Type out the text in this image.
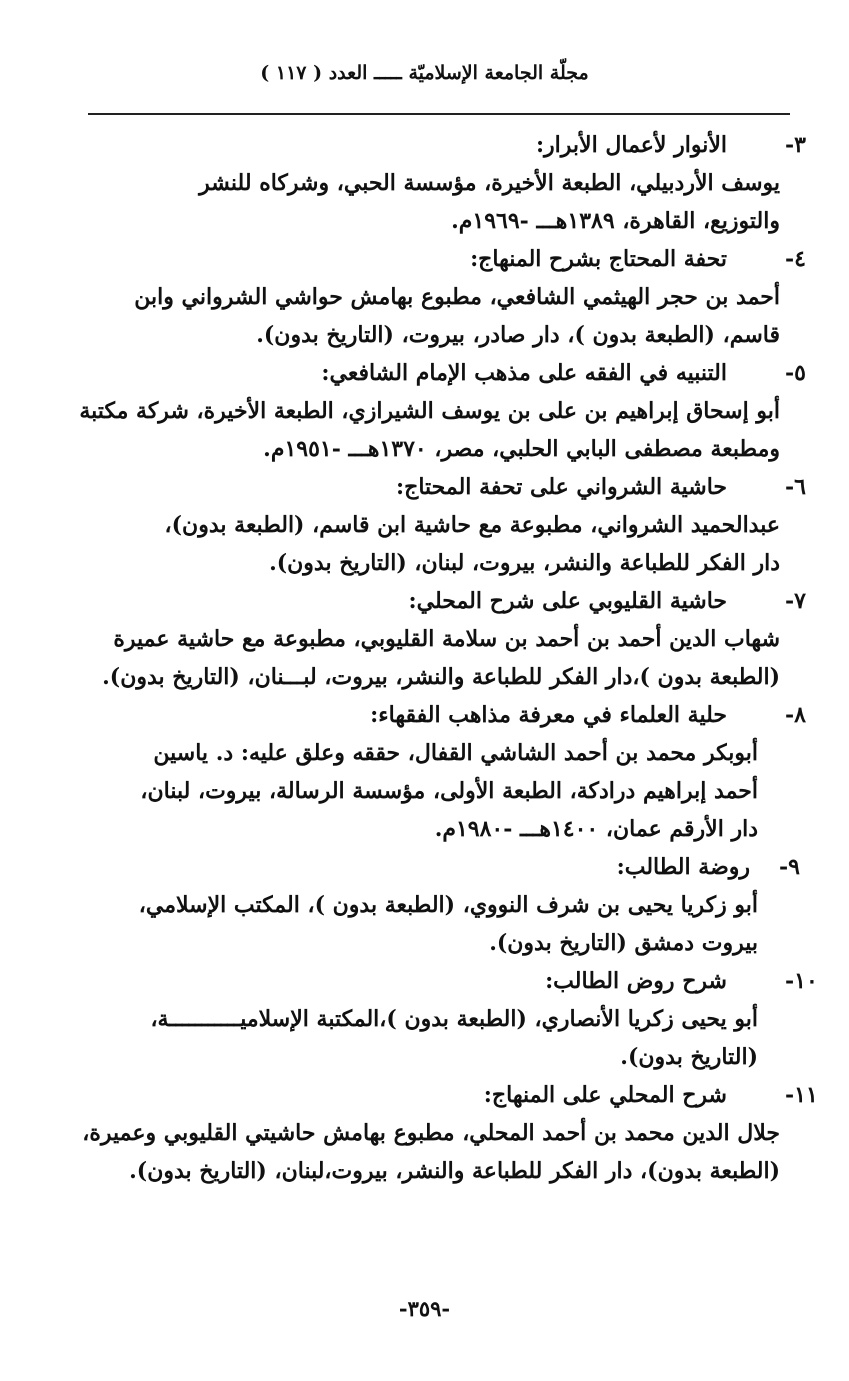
مجلّة الجامعة الإسلاميّة ـــــ العدد ( ١١٧ )
٣-
الأنوار لأعمال الأبرار:

يوسف الأردبيلي، الطبعة الأخيرة، مؤسسة الحبي، وشركاه للنشر

والتوزيع، القاهرة، ١٣٨٩هـــ -١٩٦٩م.

٤-
تحفة المحتاج بشرح المنهاج:

أحمد بن حجر الهيثمي الشافعي، مطبوع بهامش حواشي الشرواني وابن

قاسم، (الطبعة بدون )، دار صادر، بيروت، (التاريخ بدون).

٥-
التنبيه في الفقه على مذهب الإمام الشافعي:

أبو إسحاق إبراهيم بن على بن يوسف الشيرازي، الطبعة الأخيرة، شركة مكتبة

ومطبعة مصطفى البابي الحلبي، مصر، ١٣٧٠هـــ -١٩٥١م.

٦-
حاشية الشرواني على تحفة المحتاج:

عبدالحميد الشرواني، مطبوعة مع حاشية ابن قاسم، (الطبعة بدون)،

دار الفكر للطباعة والنشر، بيروت، لبنان، (التاريخ بدون).

٧-
حاشية القليوبي على شرح المحلي:

شهاب الدين أحمد بن أحمد بن سلامة القليوبي، مطبوعة مع حاشية عميرة

(الطبعة بدون )،دار الفكر للطباعة والنشر، بيروت، لبـــنان، (التاريخ بدون).

٨-
حلية العلماء في معرفة مذاهب الفقهاء:

أبوبكر محمد بن أحمد الشاشي القفال، حققه وعلق عليه: د. ياسين

أحمد إبراهيم درادكة، الطبعة الأولى، مؤسسة الرسالة، بيروت، لبنان،

دار الأرقم عمان، ١٤٠٠هـــ -١٩٨٠م.

٩-
روضة الطالب:

أبو زكريا يحيى بن شرف النووي، (الطبعة بدون )، المكتب الإسلامي،

بيروت دمشق (التاريخ بدون).

١٠-
شرح روض الطالب:

أبو يحيى زكريا الأنصاري، (الطبعة بدون )،المكتبة الإسلاميـــــــــــة،

(التاريخ بدون).

١١-
شرح المحلي على المنهاج:

جلال الدين محمد بن أحمد المحلي، مطبوع بهامش حاشيتي القليوبي وعميرة،

(الطبعة بدون)، دار الفكر للطباعة والنشر، بيروت،لبنان، (التاريخ بدون).

-٣٥٩-
